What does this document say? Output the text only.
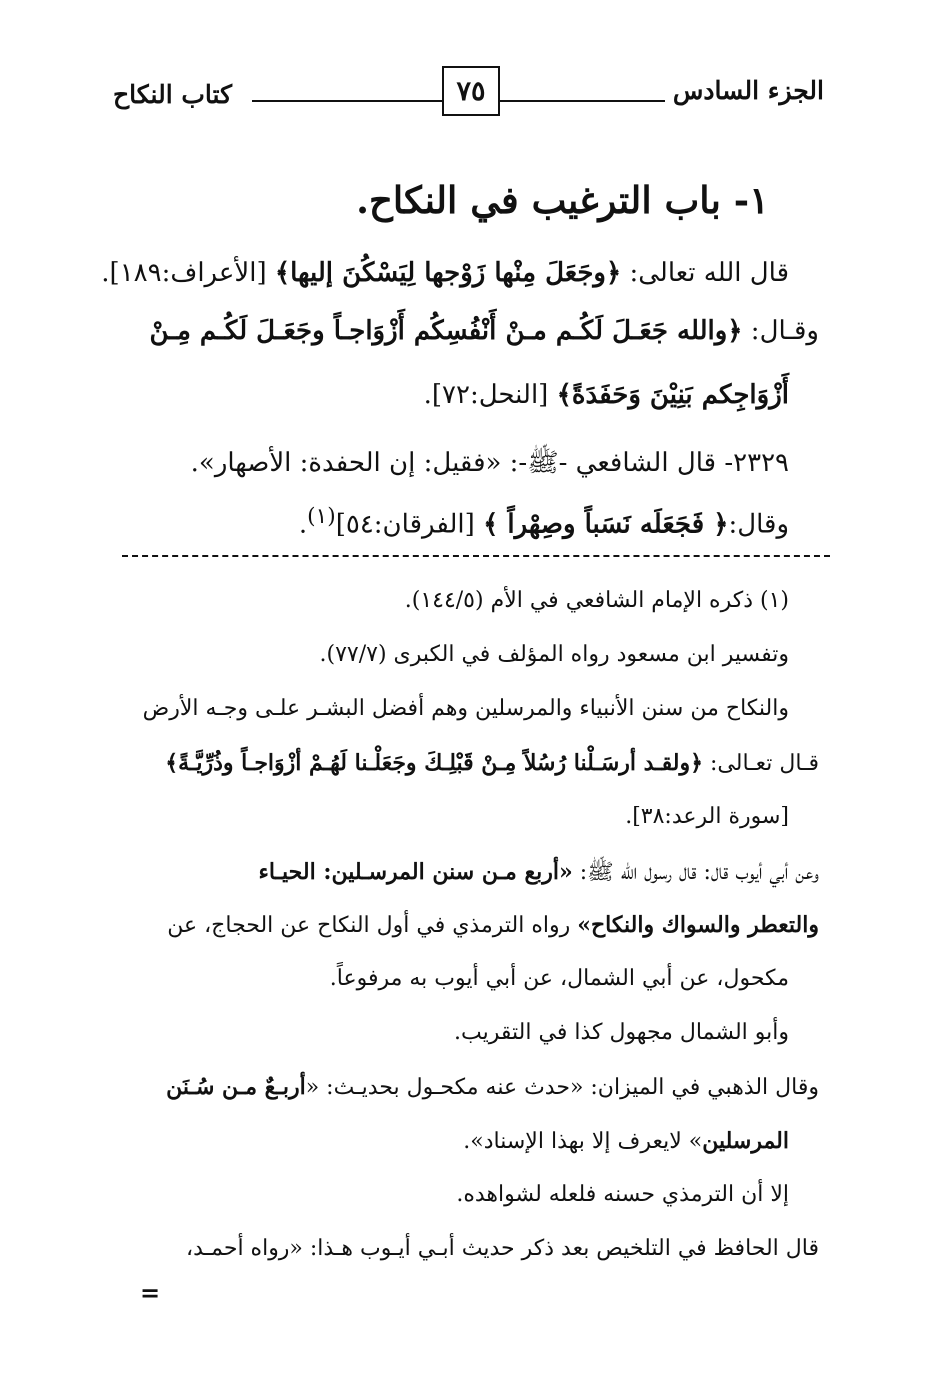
الجزء السادس
٧٥
كتاب النكاح
١- باب الترغيب في النكاح.
قال الله تعالى: ﴿وجَعَلَ مِنْها زَوْجها لِيَسْكُنَ إليها﴾ [الأعراف:١٨٩].
وقـال: ﴿والله جَعَـلَ لَكُـم مـنْ أَنْفُسِكُم أَزْوَاجـاً وجَعَـلَ لَكُـم مِـنْ
أَزْوَاجِكم بَنِيْنَ وَحَفَدَةً﴾ [النحل:٧٢].
٢٣٢٩- قال الشافعي -ﷺ-: «فقيل: إن الحفدة: الأصهار».
وقال:﴿ فَجَعَلَه نَسَباً وصِهْراً ﴾ [الفرقان:٥٤]$^{(١)}$.
(١) ذكره الإمام الشافعي في الأم (١٤٤/٥).
وتفسير ابن مسعود رواه المؤلف في الكبرى (٧٧/٧).
والنكاح من سنن الأنبياء والمرسلين وهم أفضل البشـر علـى وجـه الأرض
قـال تعـالى: ﴿ولقـد أرسَـلْنا رُسُلاً مِـنْ قَبْلِـكَ وجَعَلْـنا لَهُـمْ أزْوَاجـاً وذُرِّيَّـةً﴾
[سورة الرعد:٣٨].
وعن أبي أيوب قال: قال رسول الله ﷺ: «أربع مـن سنن المرسـلين: الحيـاء
والتعطر والسواك والنكاح» رواه الترمذي في أول النكاح عن الحجاج، عن
مكحول، عن أبي الشمال، عن أبي أيوب به مرفوعاً.
وأبو الشمال مجهول كذا في التقريب.
وقال الذهبي في الميزان: «حدث عنه مكحـول بحديـث: «أربـعٌ مـن سُـنَن
المرسلين» لايعرف إلا بهذا الإسناد».
إلا أن الترمذي حسنه فلعله لشواهده.
قال الحافظ في التلخيص بعد ذكر حديث أبـي أيـوب هـذا: «رواه أحمـد،
=
